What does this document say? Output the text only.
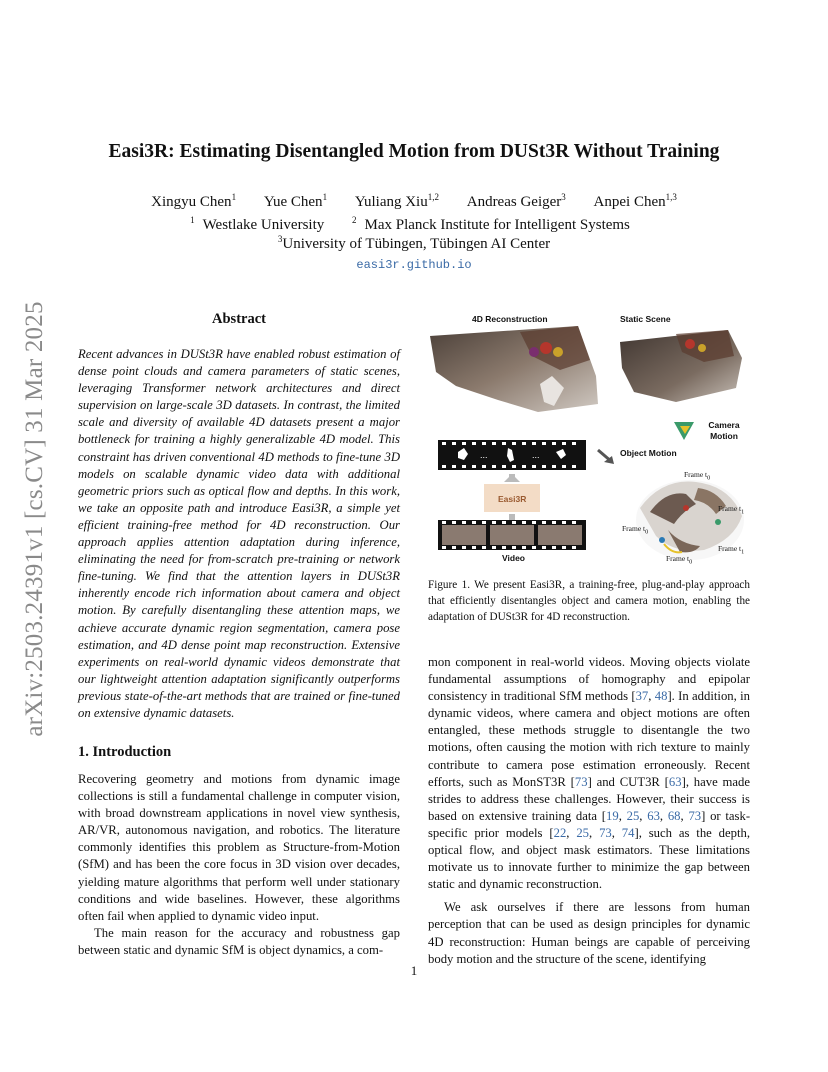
arXiv:2503.24391v1 [cs.CV] 31 Mar 2025
Easi3R: Estimating Disentangled Motion from DUSt3R Without Training
Xingyu Chen$^1$ Yue Chen$^1$ Yuliang Xiu$^{1,2}$ Andreas Geiger$^3$ Anpei Chen$^{1,3}$
$^1$ Westlake University	$^2$ Max Planck Institute for Intelligent Systems
$^3$University of Tübingen, Tübingen AI Center
easi3r.github.io
Abstract
Recent advances in DUSt3R have enabled robust estimation of dense point clouds and camera parameters of static scenes, leveraging Transformer network architectures and direct supervision on large-scale 3D datasets. In contrast, the limited scale and diversity of available 4D datasets present a major bottleneck for training a highly generalizable 4D model. This constraint has driven conventional 4D methods to fine-tune 3D models on scalable dynamic video data with additional geometric priors such as optical flow and depths. In this work, we take an opposite path and introduce Easi3R, a simple yet efficient training-free method for 4D reconstruction. Our approach applies attention adaptation during inference, eliminating the need for from-scratch pre-training or network fine-tuning. We find that the attention layers in DUSt3R inherently encode rich information about camera and object motion. By carefully disentangling these attention maps, we achieve accurate dynamic region segmentation, camera pose estimation, and 4D dense point map reconstruction. Extensive experiments on real-world dynamic videos demonstrate that our lightweight attention adaptation significantly outperforms previous state-of-the-art methods that are trained or fine-tuned on extensive dynamic datasets.
1. Introduction
Recovering geometry and motions from dynamic image collections is still a fundamental challenge in computer vision, with broad downstream applications in novel view synthesis, AR/VR, autonomous navigation, and robotics. The literature commonly identifies this problem as Structure-from-Motion (SfM) and has been the core focus in 3D vision over decades, yielding mature algorithms that perform well under stationary conditions and wide baselines. However, these algorithms often fail when applied to dynamic video input.
The main reason for the accuracy and robustness gap between static and dynamic SfM is object dynamics, a com-
...	...
4D Reconstruction	Static Scene
Camera
Motion
Object Motion
Easi3R
Video
Frame $t_0$
Frame $t_1$
Frame $t_0$
Frame $t_1$
Frame $t_0$
Figure 1. We present Easi3R, a training-free, plug-and-play approach that efficiently disentangles object and camera motion, enabling the adaptation of DUSt3R for 4D reconstruction.
mon component in real-world videos. Moving objects violate fundamental assumptions of homography and epipolar consistency in traditional SfM methods [37, 48]. In addition, in dynamic videos, where camera and object motions are often entangled, these methods struggle to disentangle the two motions, often causing the motion with rich texture to mainly contribute to camera pose estimation erroneously. Recent efforts, such as MonST3R [73] and CUT3R [63], have made strides to address these challenges. However, their success is based on extensive training data [19, 25, 63, 68, 73] or task-specific prior models [22, 25, 73, 74], such as the depth, optical flow, and object mask estimators. These limitations motivate us to innovate further to minimize the gap between static and dynamic reconstruction.
We ask ourselves if there are lessons from human perception that can be used as design principles for dynamic 4D reconstruction: Human beings are capable of perceiving body motion and the structure of the scene, identifying
1
